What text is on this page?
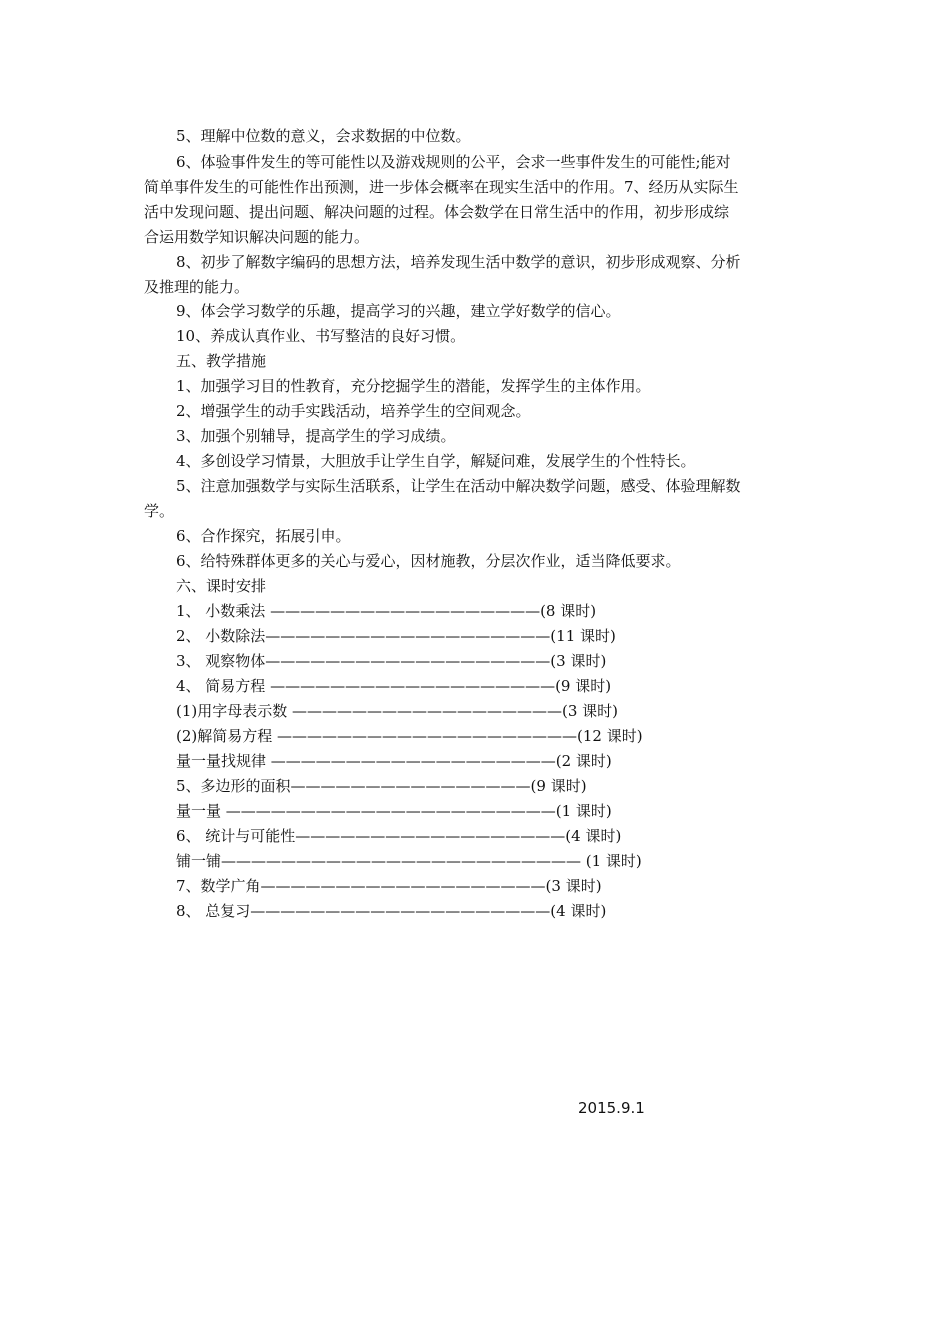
5、理解中位数的意义，会求数据的中位数。
6、体验事件发生的等可能性以及游戏规则的公平，会求一些事件发生的可能性;能对
简单事件发生的可能性作出预测，进一步体会概率在现实生活中的作用。7、经历从实际生
活中发现问题、提出问题、解决问题的过程。体会数学在日常生活中的作用，初步形成综
合运用数学知识解决问题的能力。
8、初步了解数字编码的思想方法，培养发现生活中数学的意识，初步形成观察、分析
及推理的能力。
9、体会学习数学的乐趣，提高学习的兴趣，建立学好数学的信心。
10、养成认真作业、书写整洁的良好习惯。
五、教学措施
1、加强学习目的性教育，充分挖掘学生的潜能，发挥学生的主体作用。
2、增强学生的动手实践活动，培养学生的空间观念。
3、加强个别辅导，提高学生的学习成绩。
4、多创设学习情景，大胆放手让学生自学，解疑问难，发展学生的个性特长。
5、注意加强数学与实际生活联系，让学生在活动中解决数学问题，感受、体验理解数
学。
6、合作探究，拓展引申。
6、给特殊群体更多的关心与爱心，因材施教，分层次作业，适当降低要求。
六、课时安排
1、 小数乘法 ——————————————————(8 课时)
2、 小数除法———————————————————(11 课时)
3、 观察物体———————————————————(3 课时)
4、 简易方程 ———————————————————(9 课时)
(1)用字母表示数 ——————————————————(3 课时)
(2)解简易方程 ————————————————————(12 课时)
量一量找规律 ———————————————————(2 课时)
5、多边形的面积————————————————(9 课时)
量一量 ——————————————————————(1 课时)
6、 统计与可能性——————————————————(4 课时)
铺一铺———————————————————————— (1 课时)
7、数学广角———————————————————(3 课时)
8、 总复习————————————————————(4 课时)
2015.9.1
